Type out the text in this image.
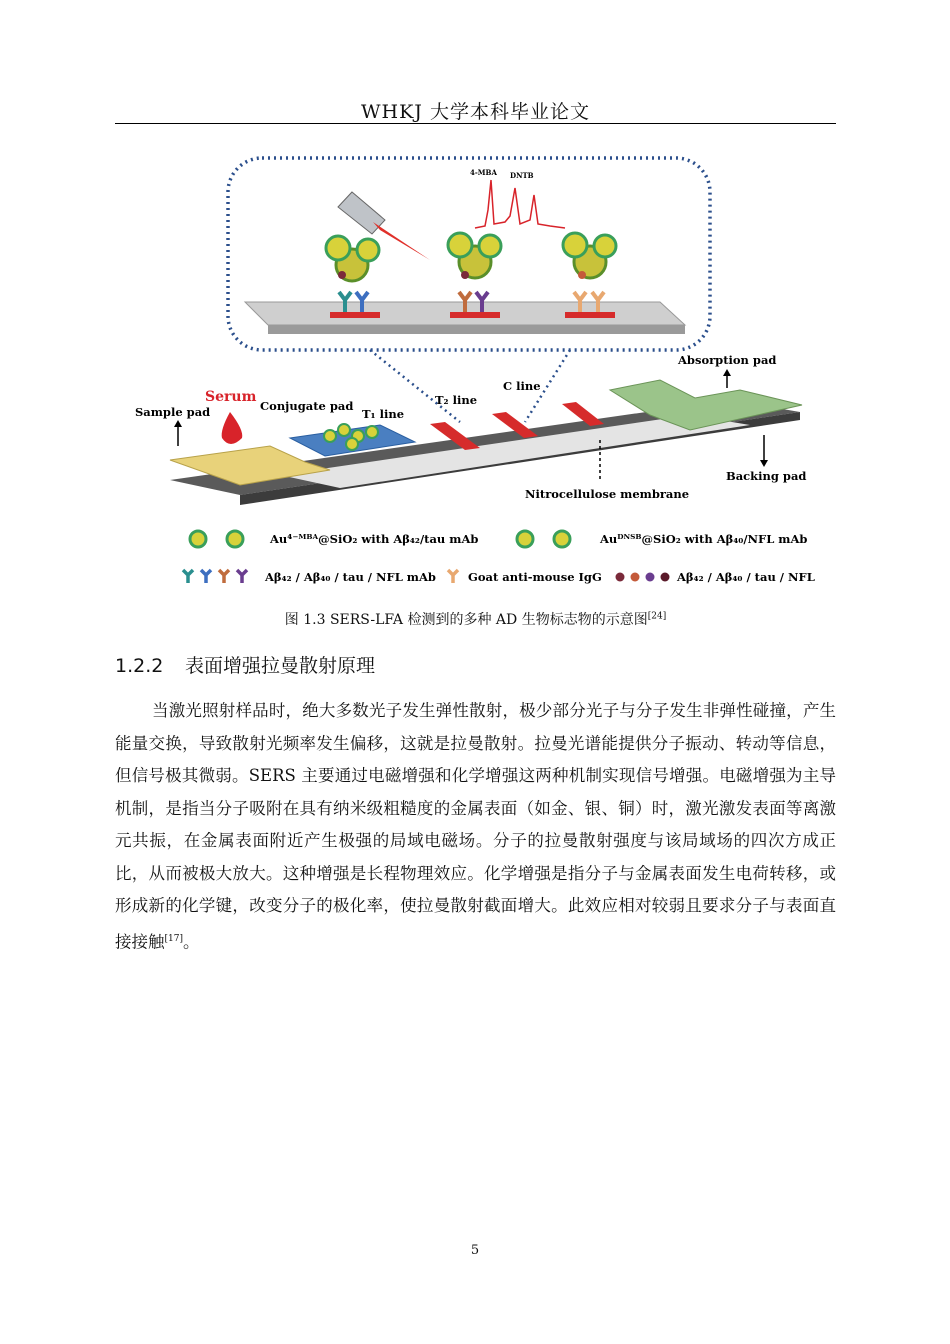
WHKJ 大学本科毕业论文
4-MBA DNTB
Serum
Sample pad	Conjugate pad
T₁ line
T₂ line
C line
Absorption pad
Backing pad
Nitrocellulose membrane
Au⁴⁻ᴹᴮᴬ@SiO₂ with Aβ₄₂/tau mAb	Auᴰᴺᵀᴮ@SiO₂ with Aβ₄₀/NFL mAb
Aβ₄₂ / Aβ₄₀ / tau / NFL mAb	Goat anti-mouse IgG	Aβ₄₂ / Aβ₄₀ / tau / NFL
图 1.3 SERS-LFA 检测到的多种 AD 生物标志物的示意图[24]
1.2.2 表面增强拉曼散射原理

当激光照射样品时，绝大多数光子发生弹性散射，极少部分光子与分子发生非弹性碰撞，产生能量交换，导致散射光频率发生偏移，这就是拉曼散射。拉曼光谱能提供分子振动、转动等信息，但信号极其微弱。SERS 主要通过电磁增强和化学增强这两种机制实现信号增强。电磁增强为主导机制，是指当分子吸附在具有纳米级粗糙度的金属表面（如金、银、铜）时，激光激发表面等离激元共振，在金属表面附近产生极强的局域电磁场。分子的拉曼散射强度与该局域场的四次方成正比，从而被极大放大。这种增强是长程物理效应。化学增强是指分子与金属表面发生电荷转移，或形成新的化学键，改变分子的极化率，使拉曼散射截面增大。此效应相对较弱且要求分子与表面直接接触[17]。

5
